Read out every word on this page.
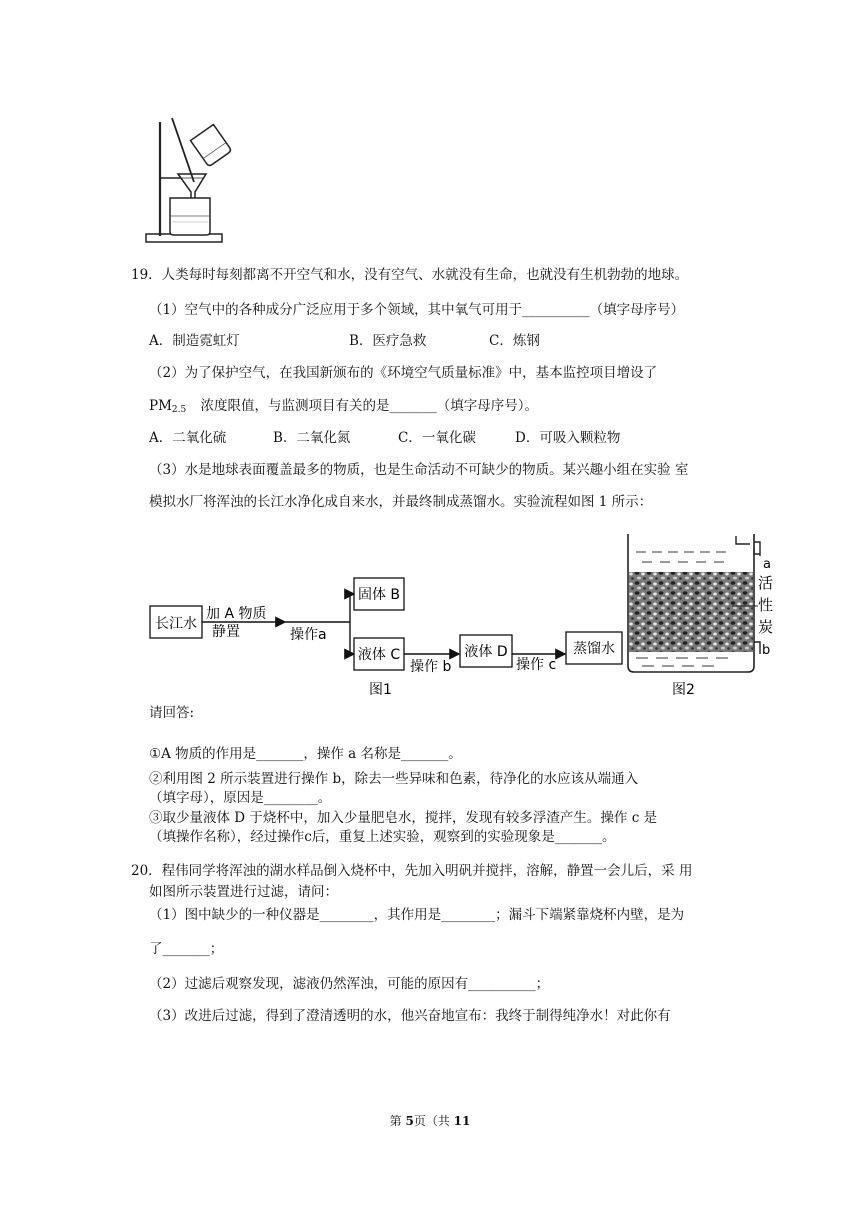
19．人类每时每刻都离不开空气和水，没有空气、水就没有生命，也就没有生机勃勃的地球。
（1）空气中的各种成分广泛应用于多个领域，其中氧气可用于__________（填字母序号）
A．制造霓虹灯	B．医疗急救	C．炼钢
（2）为了保护空气，在我国新颁布的《环境空气质量标准》中，基本监控项目增设了
$PM_{2.5}$ 浓度限值，与监测项目有关的是_______（填字母序号）。
A．二氧化硫	B．二氧化氮	C．一氧化碳	D．可吸入颗粒物
（3）水是地球表面覆盖最多的物质，也是生命活动不可缺少的物质。某兴趣小组在实验 室
模拟水厂将浑浊的长江水净化成自来水，并最终制成蒸馏水。实验流程如图 1 所示：
长江水
加 A 物质
静置	操作a
固体 B
液体 C
操作 b
液体 D
操作 c
蒸馏水
图1
a
活
性
炭
b
图2
请回答:
①A 物质的作用是_______，操作 a 名称是_______。
②利用图 2 所示装置进行操作 b，除去一些异味和色素，待净化的水应该从端通入
（填字母），原因是________。
③取少量液体 D 于烧杯中，加入少量肥皂水，搅拌，发现有较多浮渣产生。操作 c 是
（填操作名称），经过操作c后，重复上述实验，观察到的实验现象是_______。
20．程伟同学将浑浊的湖水样品倒入烧杯中，先加入明矾并搅拌，溶解，静置一会儿后，采 用
如图所示装置进行过滤，请问：
（1）图中缺少的一种仪器是________，其作用是________；漏斗下端紧靠烧杯内壁，是为
了_______；
（2）过滤后观察发现，滤液仍然浑浊，可能的原因有__________；
（3）改进后过滤，得到了澄清透明的水，他兴奋地宣布：我终于制得纯净水！对此你有
第 5页（共 11
